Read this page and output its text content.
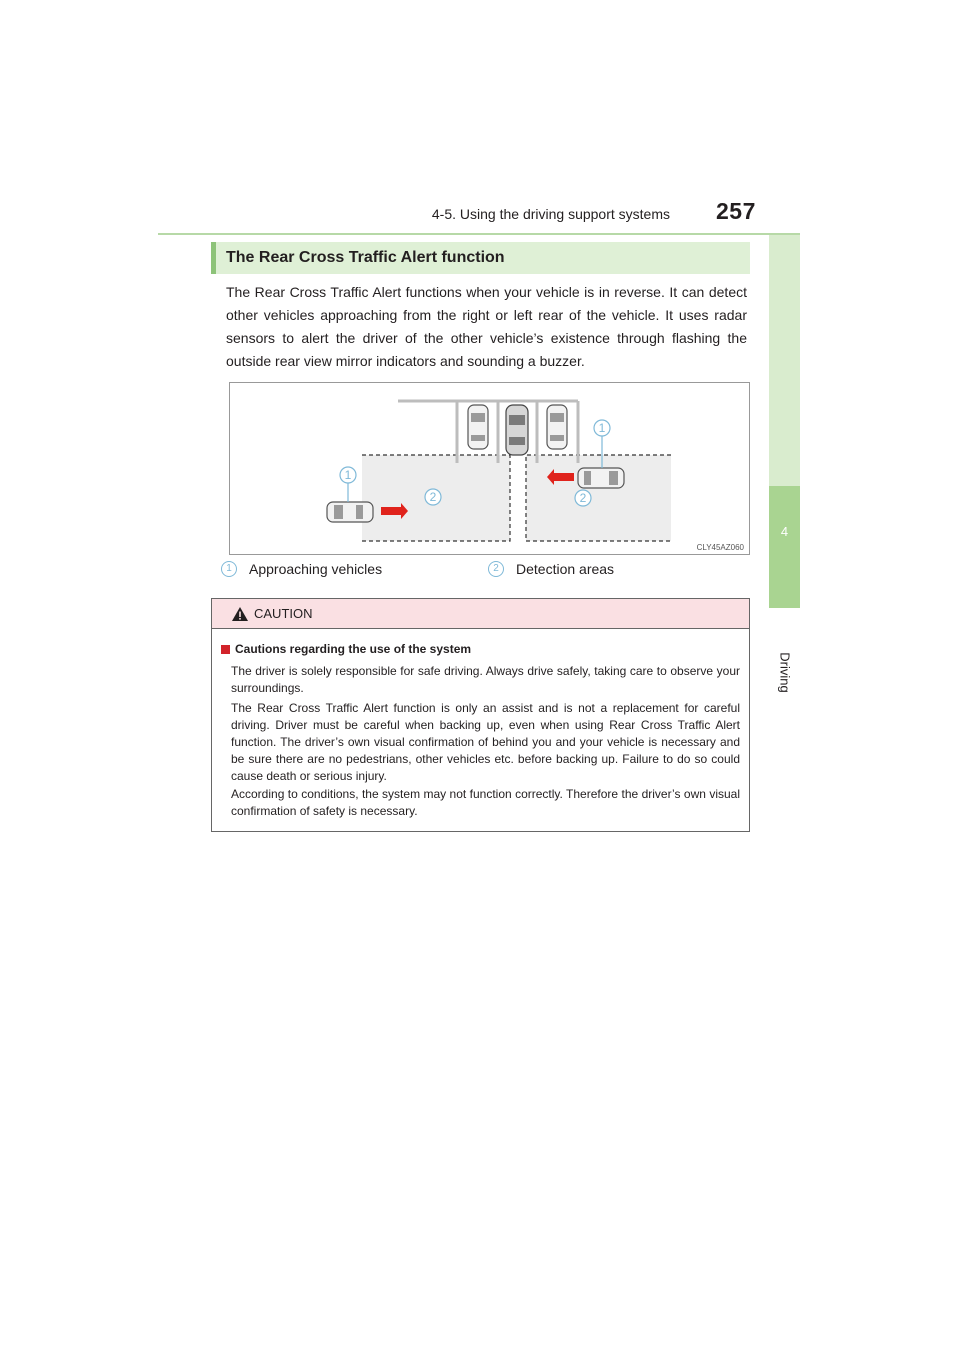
4-5. Using the driving support systems 257
4
Driving
The Rear Cross Traffic Alert function
The Rear Cross Traffic Alert functions when your vehicle is in reverse. It can detect other vehicles approaching from the right or left rear of the vehicle. It uses radar sensors to alert the driver of the other vehicle’s existence through flashing the outside rear view mirror indicators and sounding a buzzer.
1
2	2
1
CLY45AZ060
1	Approaching vehicles	2	Detection areas
CAUTION
Cautions regarding the use of the system
The driver is solely responsible for safe driving. Always drive safely, taking care to observe your surroundings.
The Rear Cross Traffic Alert function is only an assist and is not a replacement for careful driving. Driver must be careful when backing up, even when using Rear Cross Traffic Alert function. The driver’s own visual confirmation of behind you and your vehicle is necessary and be sure there are no pedestrians, other vehicles etc. before backing up. Failure to do so could cause death or serious injury.
According to conditions, the system may not function correctly. Therefore the driver’s own visual confirmation of safety is necessary.
